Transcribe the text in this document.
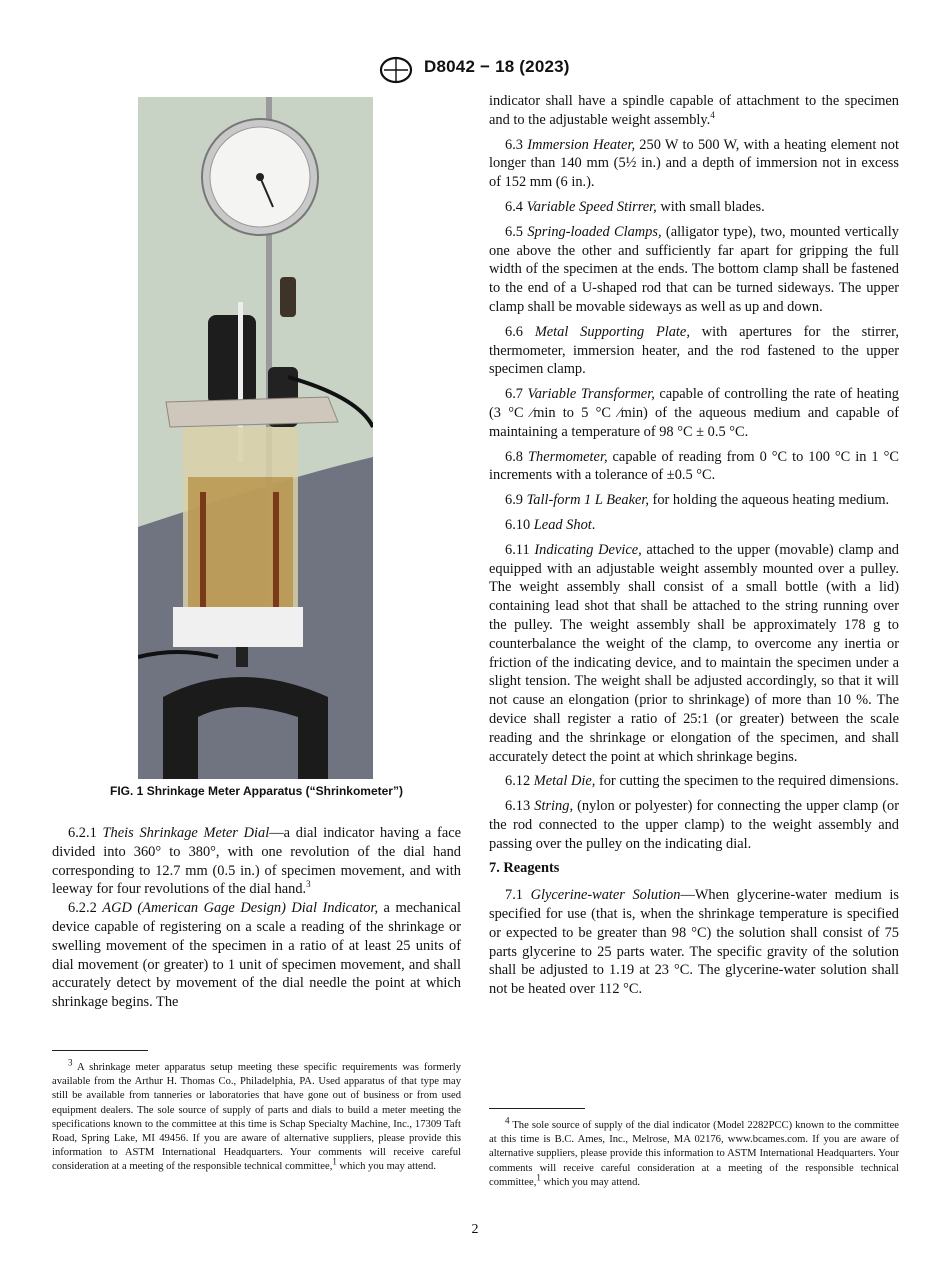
D8042 − 18 (2023)
FIG. 1 Shrinkage Meter Apparatus (“Shrinkometer”)

6.2.1 Theis Shrinkage Meter Dial—a dial indicator having a face divided into 360° to 380°, with one revolution of the dial hand corresponding to 12.7 mm (0.5 in.) of specimen movement, and with leeway for four revolutions of the dial hand.$^3$

6.2.2 AGD (American Gage Design) Dial Indicator, a mechanical device capable of registering on a scale a reading of the shrinkage or swelling movement of the specimen in a ratio of at least 25 units of dial movement (or greater) to 1 unit of specimen movement, and shall accurately detect by movement of the dial needle the point at which shrinkage begins. The

$^3$ A shrinkage meter apparatus setup meeting these specific requirements was formerly available from the Arthur H. Thomas Co., Philadelphia, PA. Used apparatus of that type may still be available from tanneries or laboratories that have gone out of business or from used equipment dealers. The sole source of supply of parts and dials to build a meter meeting the specifications known to the committee at this time is Schap Specialty Machine, Inc., 17309 Taft Road, Spring Lake, MI 49456. If you are aware of alternative suppliers, please provide this information to ASTM International Headquarters. Your comments will receive careful consideration at a meeting of the responsible technical committee,$^1$ which you may attend.

indicator shall have a spindle capable of attachment to the specimen and to the adjustable weight assembly.$^4$

6.3 Immersion Heater, 250 W to 500 W, with a heating element not longer than 140 mm (5½ in.) and a depth of immersion not in excess of 152 mm (6 in.).

6.4 Variable Speed Stirrer, with small blades.

6.5 Spring-loaded Clamps, (alligator type), two, mounted vertically one above the other and sufficiently far apart for gripping the full width of the specimen at the ends. The bottom clamp shall be fastened to the end of a U-shaped rod that can be turned sideways. The upper clamp shall be movable sideways as well as up and down.

6.6 Metal Supporting Plate, with apertures for the stirrer, thermometer, immersion heater, and the rod fastened to the upper specimen clamp.

6.7 Variable Transformer, capable of controlling the rate of heating (3 °C ⁄min to 5 °C ⁄min) of the aqueous medium and capable of maintaining a temperature of 98 °C ± 0.5 °C.

6.8 Thermometer, capable of reading from 0 °C to 100 °C in 1 °C increments with a tolerance of ±0.5 °C.

6.9 Tall-form 1 L Beaker, for holding the aqueous heating medium.

6.10 Lead Shot.

6.11 Indicating Device, attached to the upper (movable) clamp and equipped with an adjustable weight assembly mounted over a pulley. The weight assembly shall consist of a small bottle (with a lid) containing lead shot that shall be attached to the string running over the pulley. The weight assembly shall be approximately 178 g to counterbalance the weight of the clamp, to overcome any inertia or friction of the indicating device, and to maintain the specimen under a slight tension. The weight shall be adjusted accordingly, so that it will not cause an elongation (prior to shrinkage) of more than 10 %. The device shall register a ratio of 25:1 (or greater) between the scale reading and the shrinkage or elongation of the specimen, and shall accurately detect the point at which shrinkage begins.

6.12 Metal Die, for cutting the specimen to the required dimensions.

6.13 String, (nylon or polyester) for connecting the upper clamp (or the rod connected to the upper clamp) to the weight assembly and passing over the pulley on the indicating dial.

7. Reagents

7.1 Glycerine-water Solution—When glycerine-water medium is specified for use (that is, when the shrinkage temperature is specified or expected to be greater than 98 °C) the solution shall consist of 75 parts glycerine to 25 parts water. The specific gravity of the solution shall be adjusted to 1.19 at 23 °C. The glycerine-water solution shall not be heated over 112 °C.

$^4$ The sole source of supply of the dial indicator (Model 2282PCC) known to the committee at this time is B.C. Ames, Inc., Melrose, MA 02176, www.bcames.com. If you are aware of alternative suppliers, please provide this information to ASTM International Headquarters. Your comments will receive careful consideration at a meeting of the responsible technical committee,$^1$ which you may attend.

2
